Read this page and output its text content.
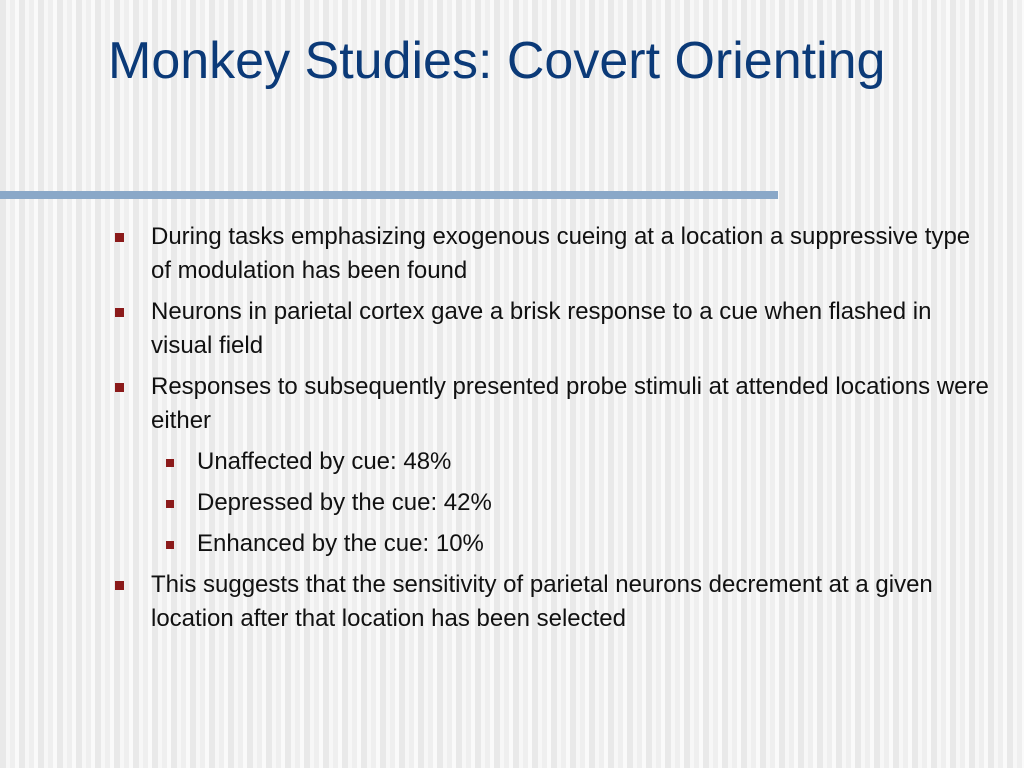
Monkey Studies: Covert Orienting
During tasks emphasizing exogenous cueing at a location a suppressive type of modulation has been found
Neurons in parietal cortex gave a brisk response to a cue when flashed in visual field
Responses to subsequently presented probe stimuli at attended locations were either
Unaffected by cue: 48%
Depressed by the cue: 42%
Enhanced by the cue: 10%
This suggests that the sensitivity of parietal neurons decrement at a given location after that location has been selected
